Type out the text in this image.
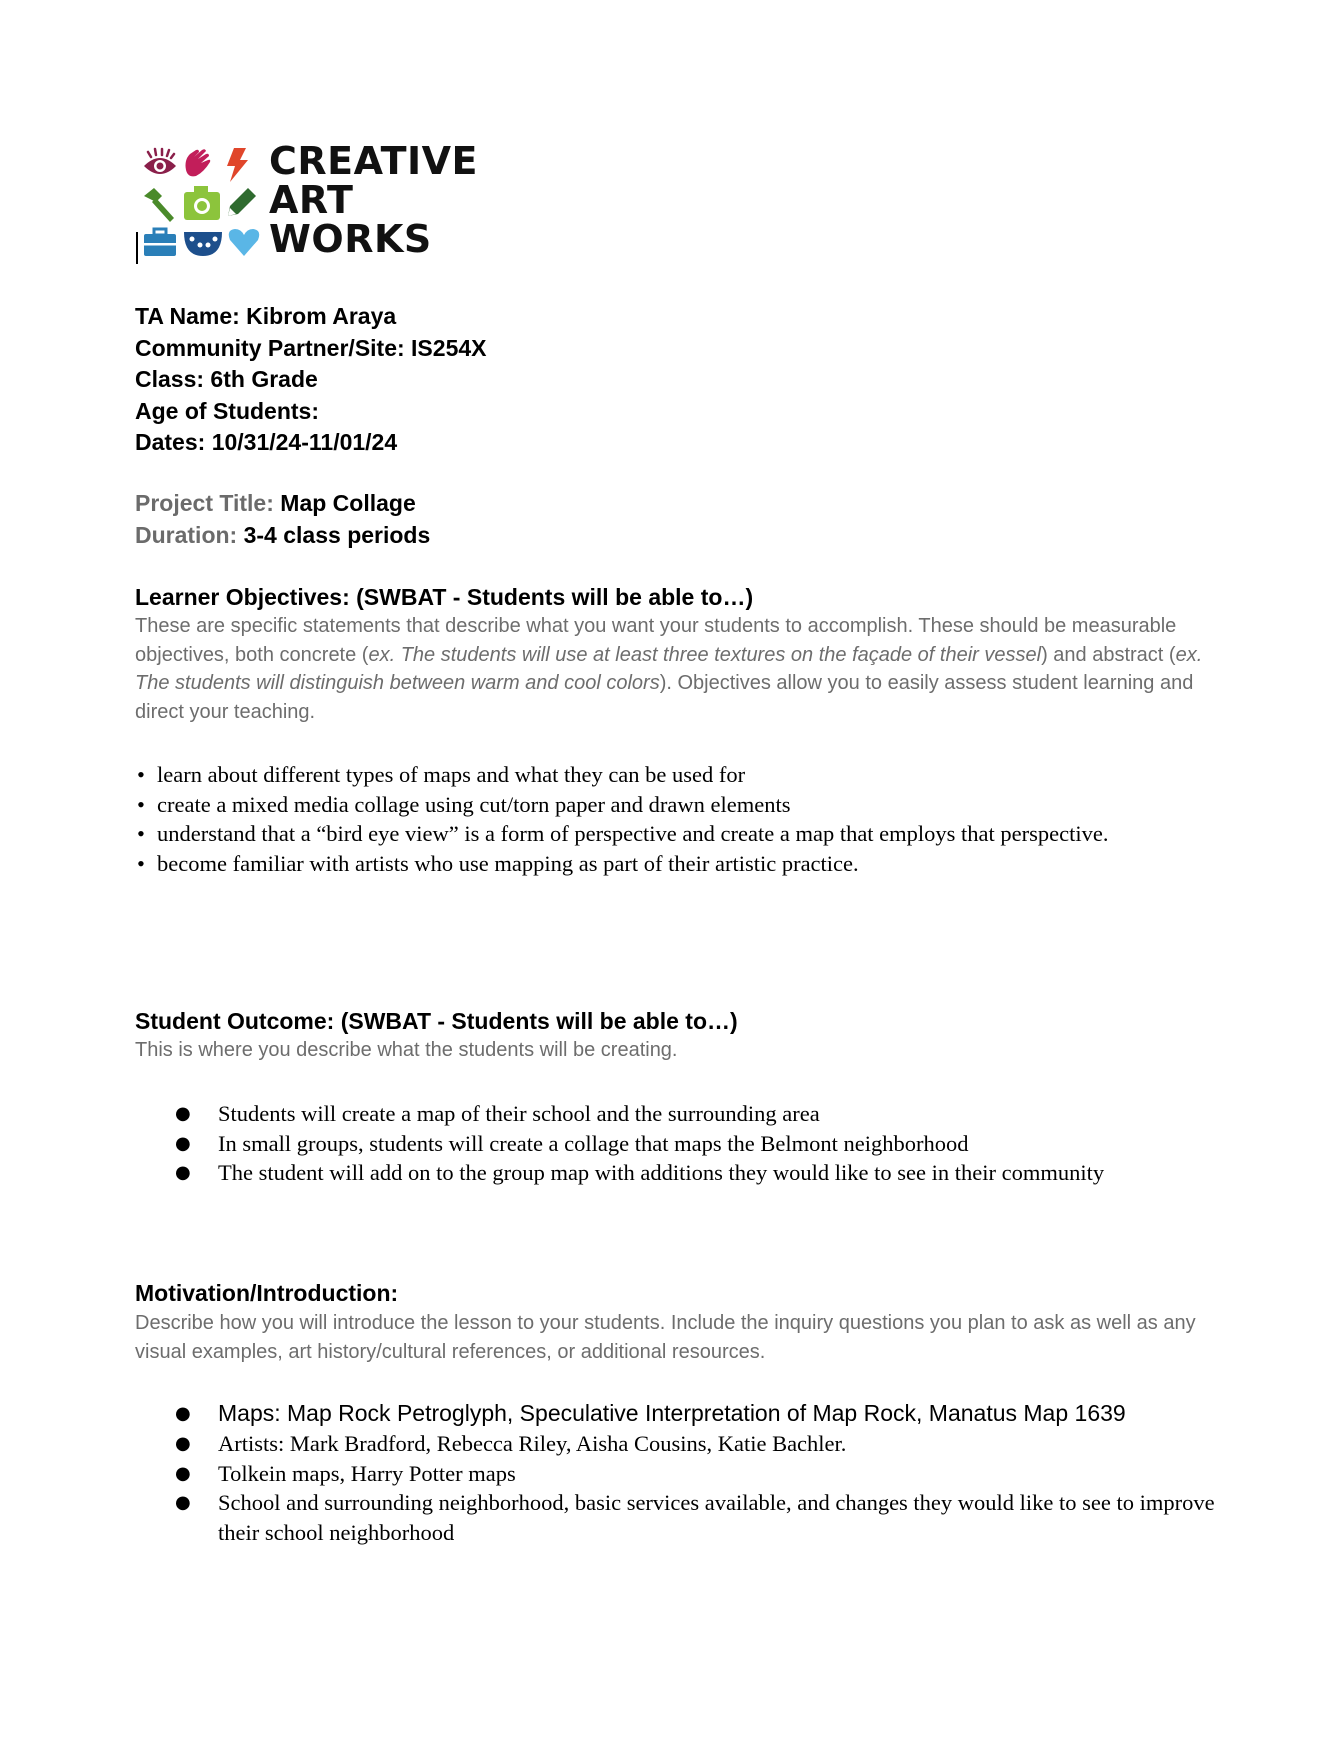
CREATIVE
ART
WORKS
TA Name: Kibrom Araya
Community Partner/Site: IS254X
Class: 6th Grade
Age of Students:
Dates: 10/31/24-11/01/24
Project Title: Map Collage
Duration: 3-4 class periods
Learner Objectives: (SWBAT - Students will be able to…)
These are specific statements that describe what you want your students to accomplish. These should be measurable objectives, both concrete (ex. The students will use at least three textures on the façade of their vessel) and abstract (ex. The students will distinguish between warm and cool colors). Objectives allow you to easily assess student learning and direct your teaching.
• learn about different types of maps and what they can be used for
• create a mixed media collage using cut/torn paper and drawn elements
• understand that a “bird eye view” is a form of perspective and create a map that employs that perspective.
• become familiar with artists who use mapping as part of their artistic practice.
Student Outcome: (SWBAT - Students will be able to…)
This is where you describe what the students will be creating.
● Students will create a map of their school and the surrounding area
● In small groups, students will create a collage that maps the Belmont neighborhood
● The student will add on to the group map with additions they would like to see in their community
Motivation/Introduction:
Describe how you will introduce the lesson to your students. Include the inquiry questions you plan to ask as well as any visual examples, art history/cultural references, or additional resources.
● Maps: Map Rock Petroglyph, Speculative Interpretation of Map Rock, Manatus Map 1639
● Artists: Mark Bradford, Rebecca Riley, Aisha Cousins, Katie Bachler.
● Tolkein maps, Harry Potter maps
● School and surrounding neighborhood, basic services available, and changes they would like to see to improve their school neighborhood
